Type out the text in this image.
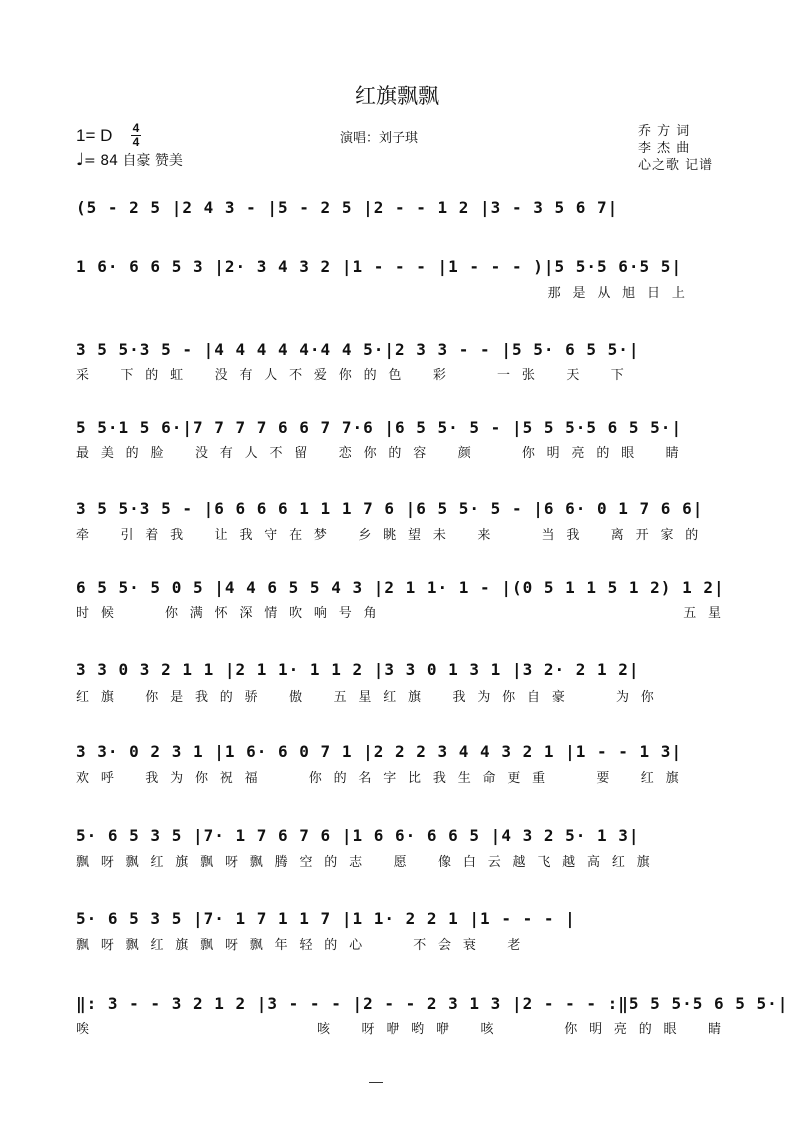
红旗飘飘
1= D 4
4
♩= 84 自豪 赞美
演唱：刘子琪	乔 方 词
李 杰 曲
心之歌 记谱
(5 - 2 5 |2 4 3 - |5 - 2 5 |2 - - 1 2 |3 - 3 5 6 7|
1 6· 6 6 5 3 |2· 3 4 3 2 |1 - - - |1 - - - )|5 5·5 6·5 5|
那 是 从 旭 日 上
3 5 5·3 5 - |4 4 4 4 4·4 4 5·|2 3 3 - - |5 5· 6 5 5·|
采   下 的 虹   没 有 人 不 爱 你 的 色   彩     一 张   天   下
5 5·1 5 6·|7 7 7 7 6 6 7 7·6 |6 5 5· 5 - |5 5 5·5 6 5 5·|
最 美 的 脸   没 有 人 不 留   恋 你 的 容   颜     你 明 亮 的 眼   睛
3 5 5·3 5 - |6 6 6 6 1 1 1 7 6 |6 5 5· 5 - |6 6· 0 1 7 6 6|
牵   引 着 我   让 我 守 在 梦   乡 眺 望 未   来     当 我   离 开 家 的
6 5 5· 5 0 5 |4 4 6 5 5 4 3 |2 1 1· 1 - |(0 5 1 1 5 1 2) 1 2|
时 候     你 满 怀 深 情 吹 响 号 角                               五 星
3 3 0 3 2 1 1 |2 1 1· 1 1 2 |3 3 0 1 3 1 |3 2· 2 1 2|
红 旗   你 是 我 的 骄   傲   五 星 红 旗   我 为 你 自 豪     为 你
3 3· 0 2 3 1 |1 6· 6 0 7 1 |2 2 2 3 4 4 3 2 1 |1 - - 1 3|
欢 呼   我 为 你 祝 福     你 的 名 字 比 我 生 命 更 重     要   红 旗
5· 6 5 3 5 |7· 1 7 6 7 6 |1 6 6· 6 6 5 |4 3 2 5· 1 3|
飘 呀 飘 红 旗 飘 呀 飘 腾 空 的 志   愿   像 白 云 越 飞 越 高 红 旗
5· 6 5 3 5 |7· 1 7 1 1 7 |1 1· 2 2 1 |1 - - - |
飘 呀 飘 红 旗 飘 呀 飘 年 轻 的 心     不 会 衰   老
‖: 3 - - 3 2 1 2 |3 - - - |2 - - 2 3 1 3 |2 - - - :‖5 5 5·5 6 5 5·|
唉                       咳   呀 咿 哟 咿   咳       你 明 亮 的 眼   睛
